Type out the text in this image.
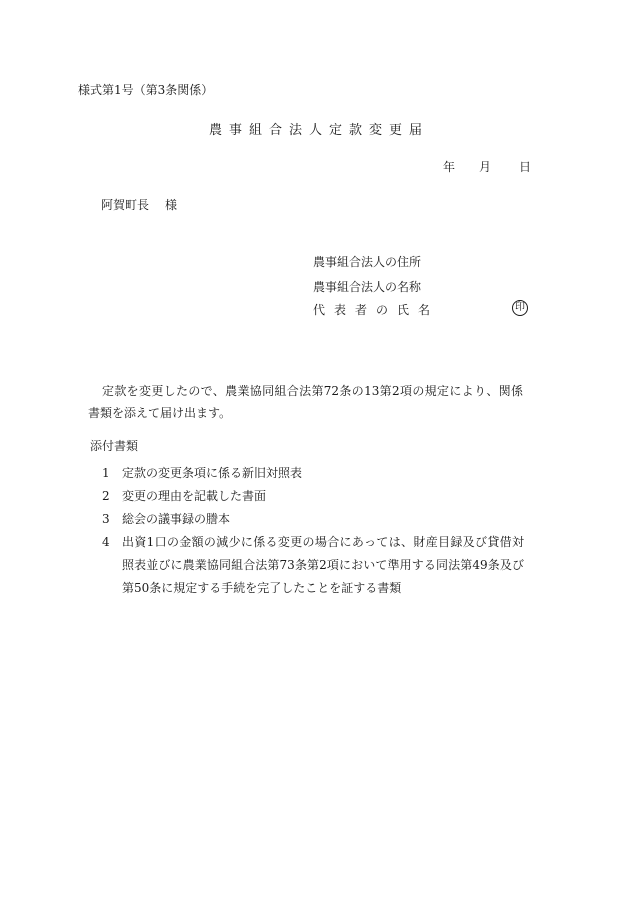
様式第1号（第3条関係）
農事組合法人定款変更届
年	月	日
阿賀町長 様
農事組合法人の住所
農事組合法人の名称
代表者の氏名	印

定款を変更したので、農業協同組合法第72条の13第2項の規定により、関係書類を添えて届け出ます。

添付書類
1	定款の変更条項に係る新旧対照表
2	変更の理由を記載した書面
3	総会の議事録の謄本
4	出資1口の金額の減少に係る変更の場合にあっては、財産目録及び貸借対照表並びに農業協同組合法第73条第2項において準用する同法第49条及び第50条に規定する手続を完了したことを証する書類
